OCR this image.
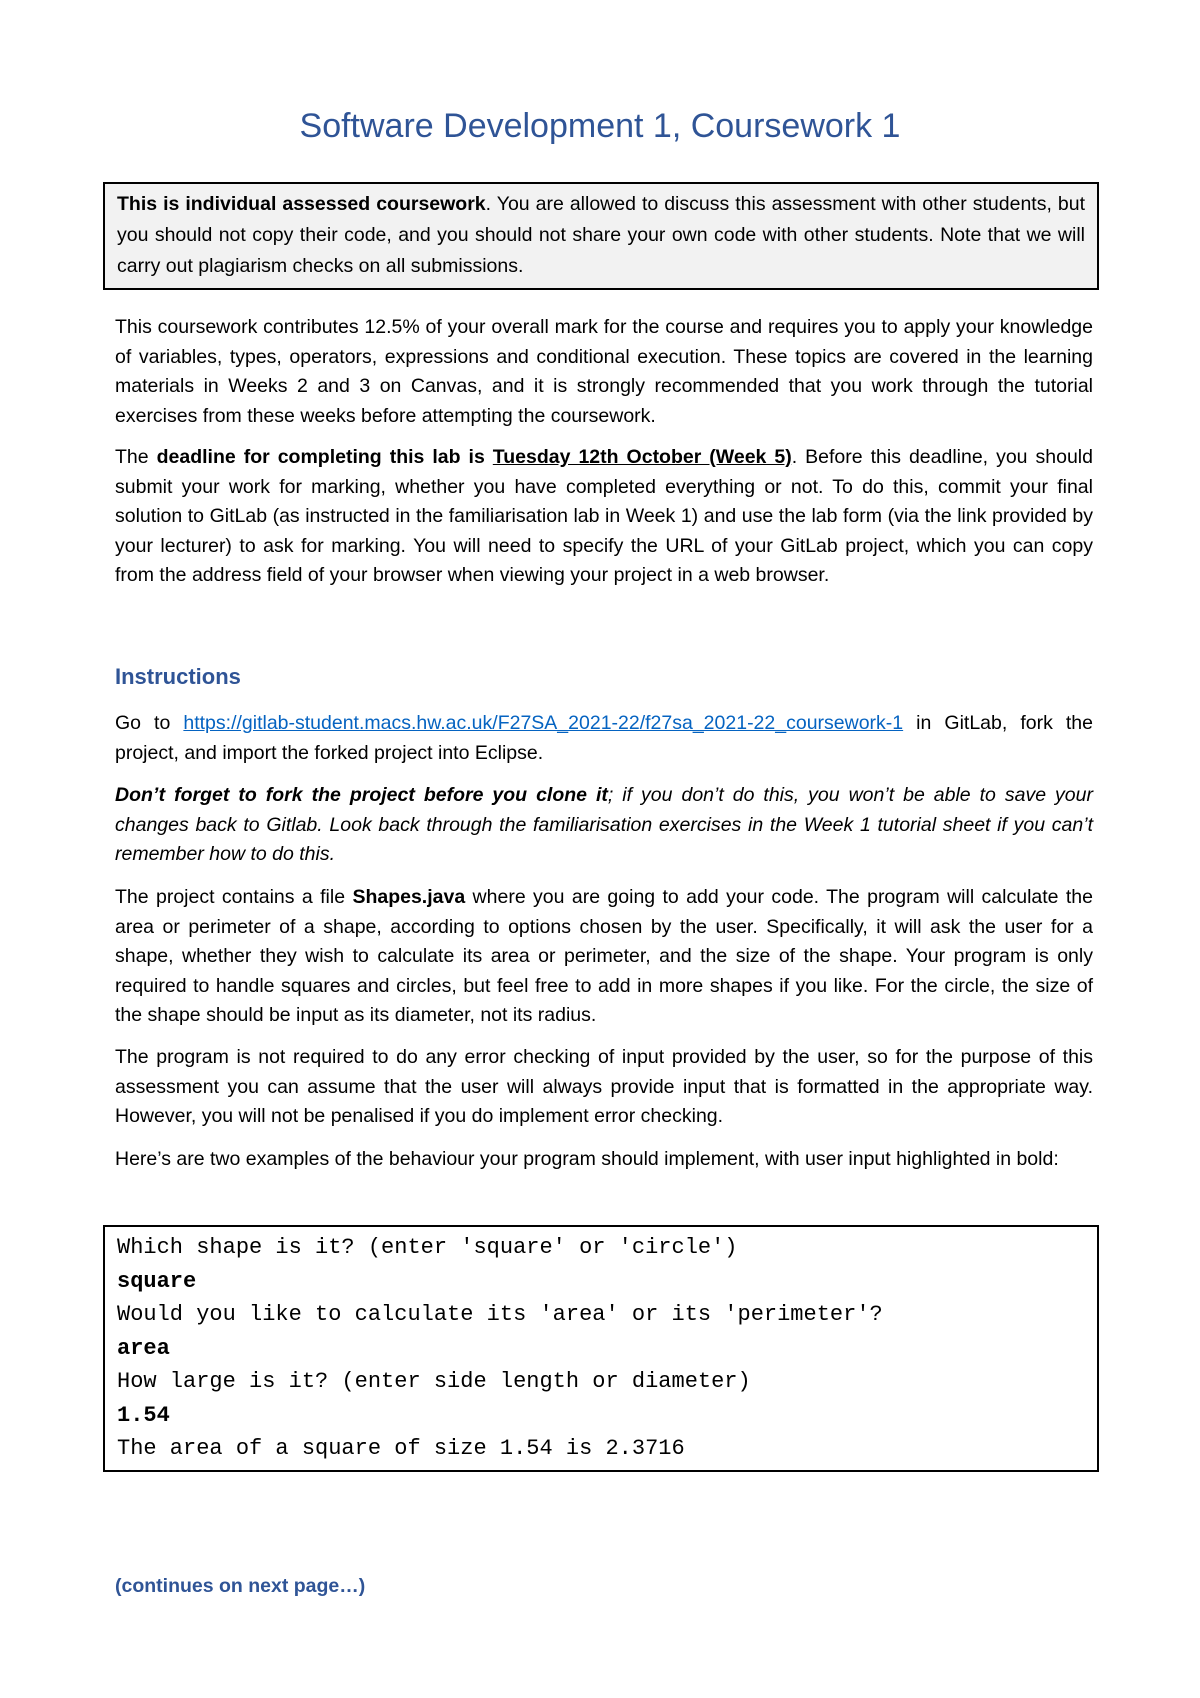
Software Development 1, Coursework 1
This is individual assessed coursework. You are allowed to discuss this assessment with other students, but you should not copy their code, and you should not share your own code with other students. Note that we will carry out plagiarism checks on all submissions.

This coursework contributes 12.5% of your overall mark for the course and requires you to apply your knowledge of variables, types, operators, expressions and conditional execution. These topics are covered in the learning materials in Weeks 2 and 3 on Canvas, and it is strongly recommended that you work through the tutorial exercises from these weeks before attempting the coursework.

The deadline for completing this lab is Tuesday 12th October (Week 5). Before this deadline, you should submit your work for marking, whether you have completed everything or not. To do this, commit your final solution to GitLab (as instructed in the familiarisation lab in Week 1) and use the lab form (via the link provided by your lecturer) to ask for marking. You will need to specify the URL of your GitLab project, which you can copy from the address field of your browser when viewing your project in a web browser.

Instructions

Go to https://gitlab-student.macs.hw.ac.uk/F27SA_2021-22/f27sa_2021-22_coursework-1 in GitLab, fork the project, and import the forked project into Eclipse.

Don’t forget to fork the project before you clone it; if you don’t do this, you won’t be able to save your changes back to Gitlab. Look back through the familiarisation exercises in the Week 1 tutorial sheet if you can’t remember how to do this.

The project contains a file Shapes.java where you are going to add your code. The program will calculate the area or perimeter of a shape, according to options chosen by the user. Specifically, it will ask the user for a shape, whether they wish to calculate its area or perimeter, and the size of the shape. Your program is only required to handle squares and circles, but feel free to add in more shapes if you like. For the circle, the size of the shape should be input as its diameter, not its radius.

The program is not required to do any error checking of input provided by the user, so for the purpose of this assessment you can assume that the user will always provide input that is formatted in the appropriate way. However, you will not be penalised if you do implement error checking.

Here’s are two examples of the behaviour your program should implement, with user input highlighted in bold:

Which shape is it? (enter 'square' or 'circle')
square
Would you like to calculate its 'area' or its 'perimeter'?
area
How large is it? (enter side length or diameter)
1.54
The area of a square of size 1.54 is 2.3716

(continues on next page…)
